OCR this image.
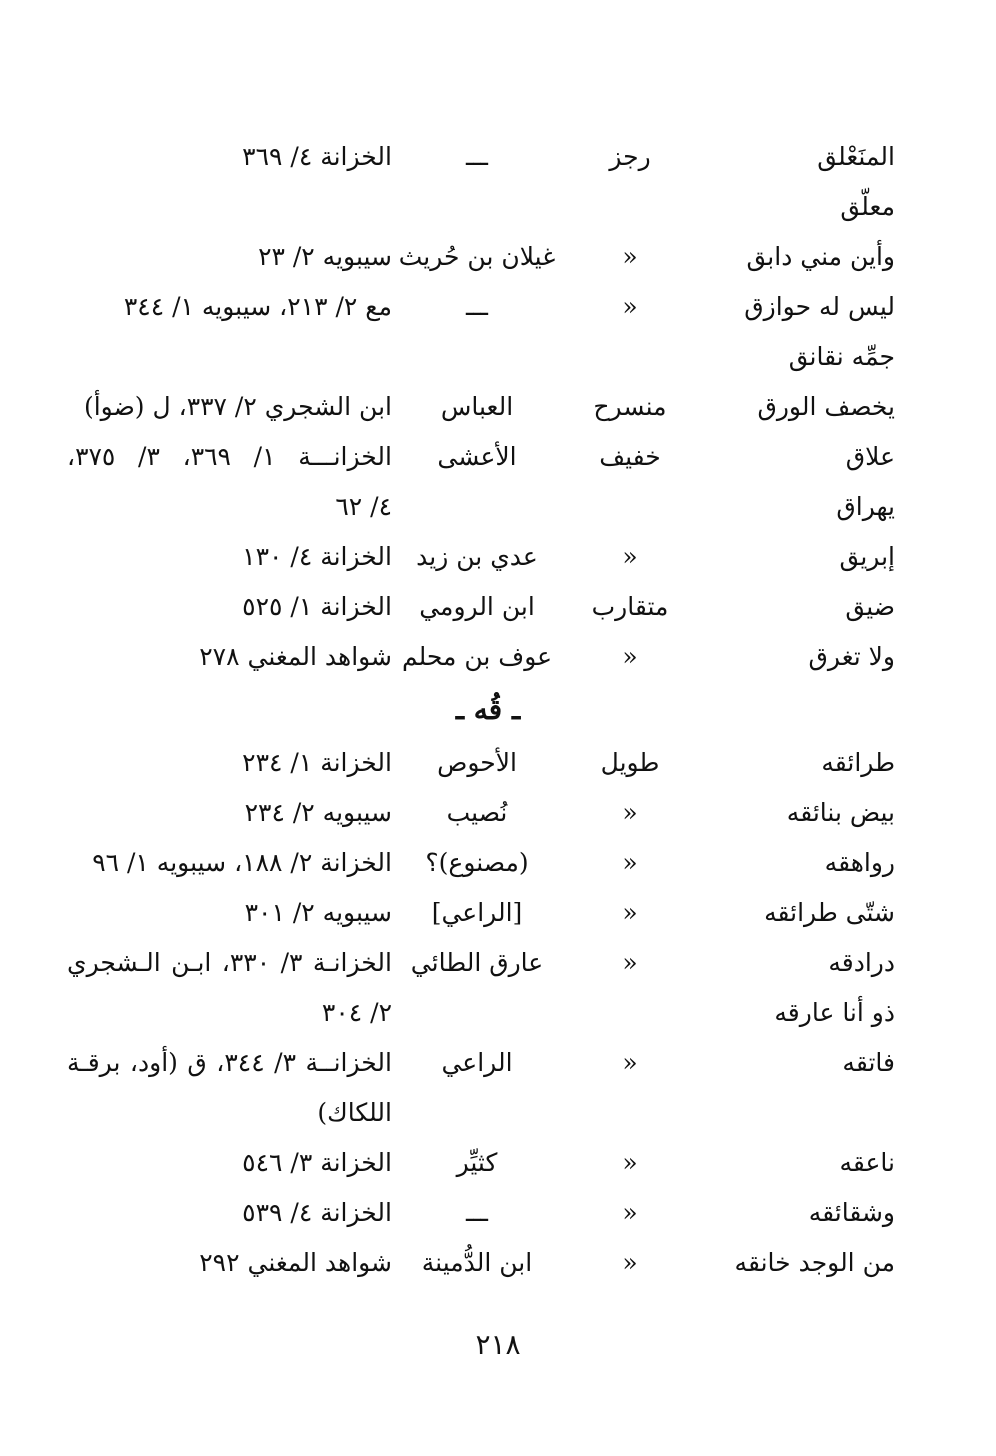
المنَعْلق
رجز
ـــ
الخزانة ٤/ ٣٦٩
معلّق
وأين مني دابق
«
غيلان بن حُريث
سيبويه ٢/ ٢٣
ليس له حوازق
«
ـــ
مع ٢/ ٢١٣، سيبويه ١/ ٣٤٤
جمِّه نقانق
يخصف الورق
منسرح
العباس
ابن الشجري ٢/ ٣٣٧، ل (ضوأ)
علاق
خفيف
الأعشى
الخزانـــة ١/ ٣٦٩، ٣/ ٣٧٥،
يهراق
٤/ ٦٢
إبريق
«
عدي بن زيد
الخزانة ٤/ ١٣٠
ضيق
متقارب
ابن الرومي
الخزانة ١/ ٥٢٥
ولا تغرق
«
عوف بن محلم
شواهد المغني ٢٧٨
ـ قُه ـ
طرائقه
طويل
الأحوص
الخزانة ١/ ٢٣٤
بيض بنائقه
«
نُصيب
سيبويه ٢/ ٢٣٤
رواهقه
«
(مصنوع)؟
الخزانة ٢/ ١٨٨، سيبويه ١/ ٩٦
شتّى طرائقه
«
[الراعي]
سيبويه ٢/ ٣٠١
درادقه
«
عارق الطائي
الخزانـة ٣/ ٣٣٠، ابـن الـشجري
ذو أنا عارقه
٢/ ٣٠٤
فاتقه
«
الراعي
الخزانــة ٣/ ٣٤٤، ق (أود، برقـة
اللكاك)
ناعقه
«
كثيِّر
الخزانة ٣/ ٥٤٦
وشقائقه
«
ـــ
الخزانة ٤/ ٥٣٩
من الوجد خانقه
«
ابن الدُّمينة
شواهد المغني ٢٩٢
٢١٨
